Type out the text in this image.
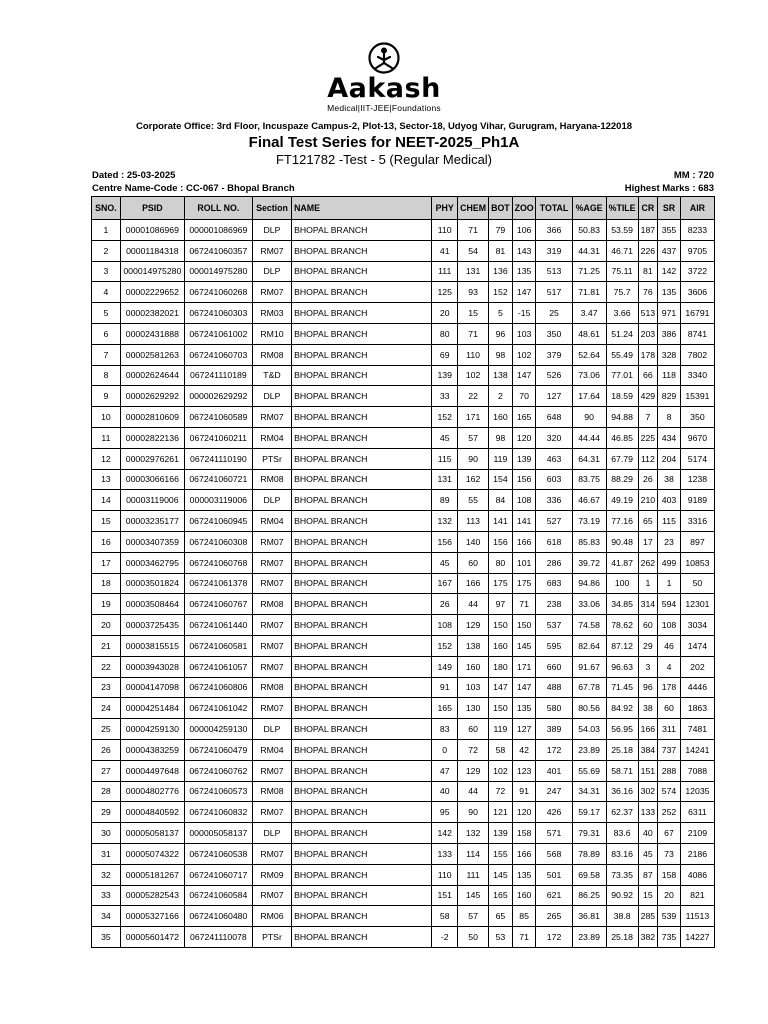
Aakash
Medical|IIT-JEE|Foundations
Corporate Office: 3rd Floor, Incuspaze Campus-2, Plot-13, Sector-18, Udyog Vihar, Gurugram, Haryana-122018
Final Test Series for NEET-2025_Ph1A
FT121782 -Test - 5 (Regular Medical)
Dated : 25-03-2025	MM : 720
Centre Name-Code : CC-067 - Bhopal Branch	Highest Marks : 683
SNO.	PSID	ROLL NO.	Section	NAME	PHY	CHEM	BOT	ZOO	TOTAL	%AGE	%TILE	CR	SR	AIR
1	00001086969	000001086969	DLP	BHOPAL BRANCH	110	71	79	106	366	50.83	53.59	187	355	8233
2	00001184318	067241060357	RM07	BHOPAL BRANCH	41	54	81	143	319	44.31	46.71	226	437	9705
3	000014975280	000014975280	DLP	BHOPAL BRANCH	111	131	136	135	513	71.25	75.11	81	142	3722
4	00002229652	067241060268	RM07	BHOPAL BRANCH	125	93	152	147	517	71.81	75.7	76	135	3606
5	00002382021	067241060303	RM03	BHOPAL BRANCH	20	15	5	-15	25	3.47	3.66	513	971	16791
6	00002431888	067241061002	RM10	BHOPAL BRANCH	80	71	96	103	350	48.61	51.24	203	386	8741
7	00002581263	067241060703	RM08	BHOPAL BRANCH	69	110	98	102	379	52.64	55.49	178	328	7802
8	00002624644	067241110189	T&D	BHOPAL BRANCH	139	102	138	147	526	73.06	77.01	66	118	3340
9	00002629292	000002629292	DLP	BHOPAL BRANCH	33	22	2	70	127	17.64	18.59	429	829	15391
10	00002810609	067241060589	RM07	BHOPAL BRANCH	152	171	160	165	648	90	94.88	7	8	350
11	00002822136	067241060211	RM04	BHOPAL BRANCH	45	57	98	120	320	44.44	46.85	225	434	9670
12	00002976261	067241110190	PTSr	BHOPAL BRANCH	115	90	119	139	463	64.31	67.79	112	204	5174
13	00003066166	067241060721	RM08	BHOPAL BRANCH	131	162	154	156	603	83.75	88.29	26	38	1238
14	00003119006	000003119006	DLP	BHOPAL BRANCH	89	55	84	108	336	46.67	49.19	210	403	9189
15	00003235177	067241060945	RM04	BHOPAL BRANCH	132	113	141	141	527	73.19	77.16	65	115	3316
16	00003407359	067241060308	RM07	BHOPAL BRANCH	156	140	156	166	618	85.83	90.48	17	23	897
17	00003462795	067241060768	RM07	BHOPAL BRANCH	45	60	80	101	286	39.72	41.87	262	499	10853
18	00003501824	067241061378	RM07	BHOPAL BRANCH	167	166	175	175	683	94.86	100	1	1	50
19	00003508464	067241060767	RM08	BHOPAL BRANCH	26	44	97	71	238	33.06	34.85	314	594	12301
20	00003725435	067241061440	RM07	BHOPAL BRANCH	108	129	150	150	537	74.58	78.62	60	108	3034
21	00003815515	067241060581	RM07	BHOPAL BRANCH	152	138	160	145	595	82.64	87.12	29	46	1474
22	00003943028	067241061057	RM07	BHOPAL BRANCH	149	160	180	171	660	91.67	96.63	3	4	202
23	00004147098	067241060806	RM08	BHOPAL BRANCH	91	103	147	147	488	67.78	71.45	96	178	4446
24	00004251484	067241061042	RM07	BHOPAL BRANCH	165	130	150	135	580	80.56	84.92	38	60	1863
25	00004259130	000004259130	DLP	BHOPAL BRANCH	83	60	119	127	389	54.03	56.95	166	311	7481
26	00004383259	067241060479	RM04	BHOPAL BRANCH	0	72	58	42	172	23.89	25.18	384	737	14241
27	00004497648	067241060762	RM07	BHOPAL BRANCH	47	129	102	123	401	55.69	58.71	151	288	7088
28	00004802776	067241060573	RM08	BHOPAL BRANCH	40	44	72	91	247	34.31	36.16	302	574	12035
29	00004840592	067241060832	RM07	BHOPAL BRANCH	95	90	121	120	426	59.17	62.37	133	252	6311
30	00005058137	000005058137	DLP	BHOPAL BRANCH	142	132	139	158	571	79.31	83.6	40	67	2109
31	00005074322	067241060538	RM07	BHOPAL BRANCH	133	114	155	166	568	78.89	83.16	45	73	2186
32	00005181267	067241060717	RM09	BHOPAL BRANCH	110	111	145	135	501	69.58	73.35	87	158	4086
33	00005282543	067241060584	RM07	BHOPAL BRANCH	151	145	165	160	621	86.25	90.92	15	20	821
34	00005327166	067241060480	RM06	BHOPAL BRANCH	58	57	65	85	265	36.81	38.8	285	539	11513
35	00005601472	067241110078	PTSr	BHOPAL BRANCH	-2	50	53	71	172	23.89	25.18	382	735	14227
